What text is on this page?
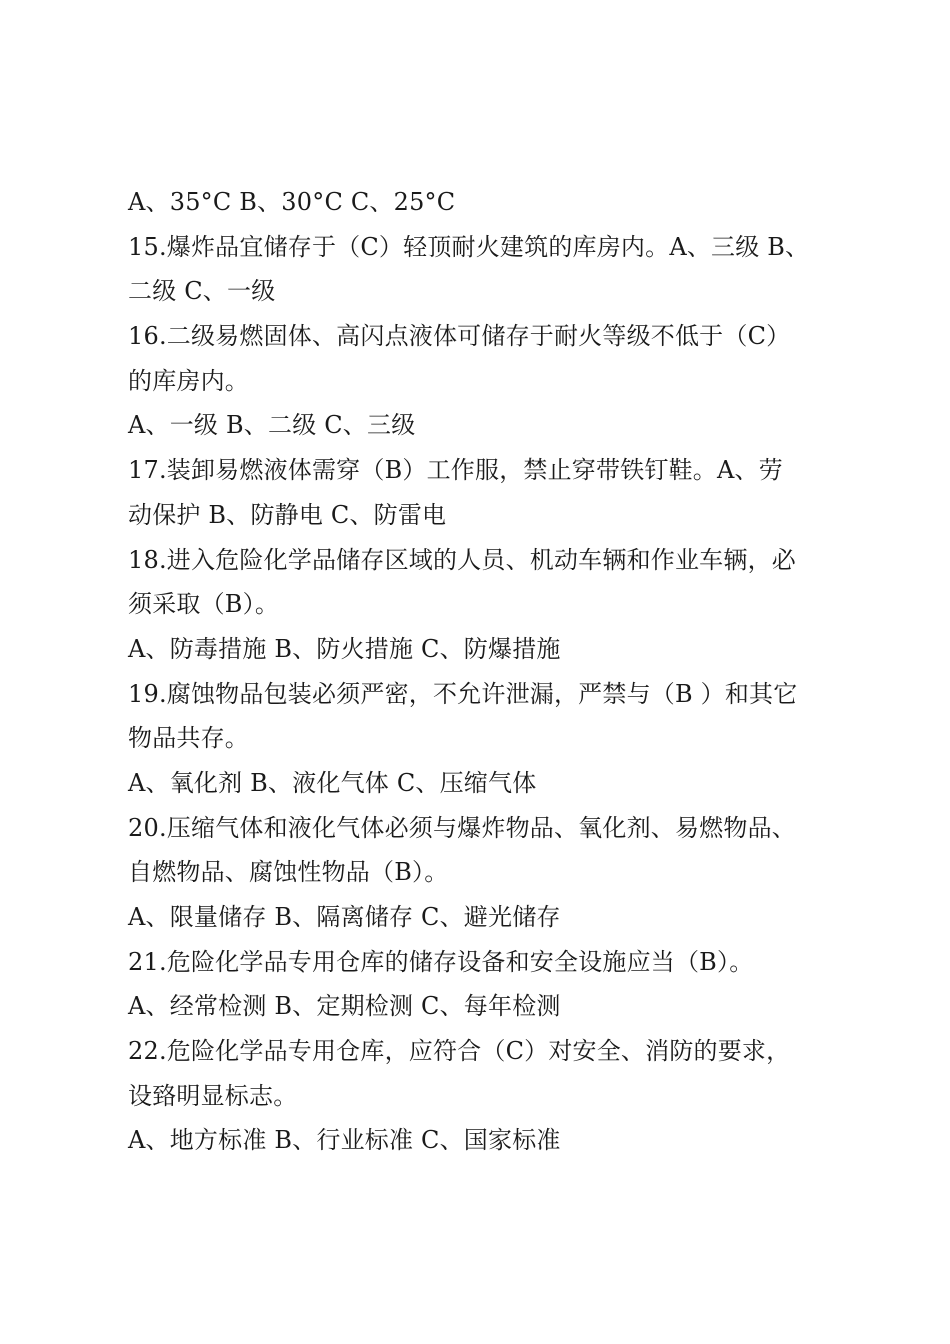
A、35°C B、30°C C、25°C
15.爆炸品宜储存于（C）轻顶耐火建筑的库房内。A、三级 B、
二级 C、一级
16.二级易燃固体、高闪点液体可储存于耐火等级不低于（C）
的库房内。
A、一级 B、二级 C、三级
17.装卸易燃液体需穿（B）工作服，禁止穿带铁钉鞋。A、劳
动保护 B、防静电 C、防雷电
18.进入危险化学品储存区域的人员、机动车辆和作业车辆，必
须采取（B）。
A、防毒措施 B、防火措施 C、防爆措施
19.腐蚀物品包装必须严密，不允许泄漏，严禁与（B ）和其它
物品共存。
A、氧化剂 B、液化气体 C、压缩气体
20.压缩气体和液化气体必须与爆炸物品、氧化剂、易燃物品、
自燃物品、腐蚀性物品（B）。
A、限量储存 B、隔离储存 C、避光储存
21.危险化学品专用仓库的储存设备和安全设施应当（B）。
A、经常检测 B、定期检测 C、每年检测
22.危险化学品专用仓库，应符合（C）对安全、消防的要求，
设臵明显标志。
A、地方标准 B、行业标准 C、国家标准
